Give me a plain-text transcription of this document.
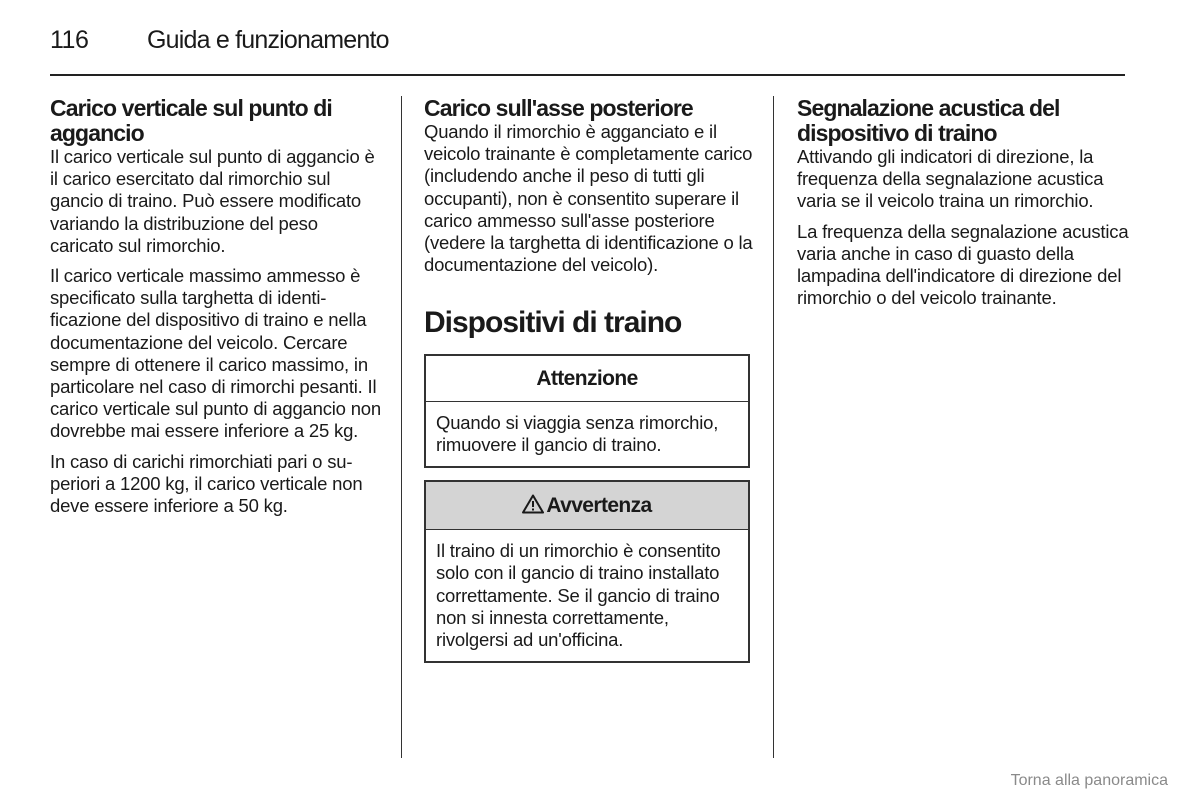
116 Guida e funzionamento
Carico verticale sul punto di aggancio

Il carico verticale sul punto di aggancio è il carico esercitato dal rimorchio sul gancio di traino. Può essere modificato variando la distribuzione del peso caricato sul rimorchio.

Il carico verticale massimo ammesso è specificato sulla targhetta di identificazione del dispositivo di traino e nella documentazione del veicolo. Cercare sempre di ottenere il carico massimo, in particolare nel caso di rimorchi pesanti. Il carico verticale sul punto di aggancio non dovrebbe mai essere inferiore a 25 kg.

In caso di carichi rimorchiati pari o superiori a 1200 kg, il carico verticale non deve essere inferiore a 50 kg.

Carico sull'asse posteriore

Quando il rimorchio è agganciato e il veicolo trainante è completamente carico (includendo anche il peso di tutti gli occupanti), non è consentito superare il carico ammesso sull'asse posteriore (vedere la targhetta di identificazione o la documentazione del veicolo).

Dispositivi di traino
Attenzione
Quando si viaggia senza rimorchio, rimuovere il gancio di traino.
Avvertenza
Il traino di un rimorchio è consentito solo con il gancio di traino installato correttamente. Se il gancio di traino non si innesta correttamente, rivolgersi ad un'officina.
Segnalazione acustica del dispositivo di traino

Attivando gli indicatori di direzione, la frequenza della segnalazione acustica varia se il veicolo traina un rimorchio.

La frequenza della segnalazione acustica varia anche in caso di guasto della lampadina dell'indicatore di direzione del rimorchio o del veicolo trainante.

Torna alla panoramica
